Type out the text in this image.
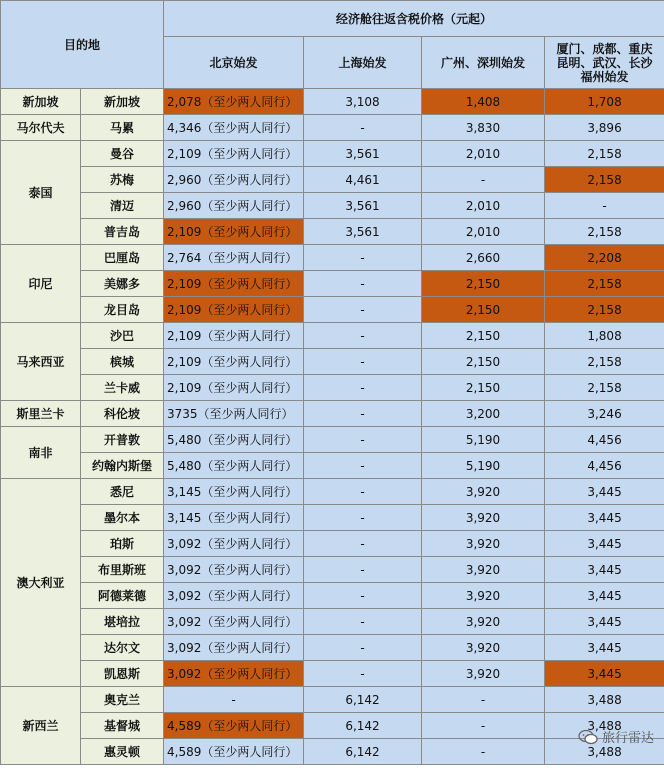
目的地		经济舱往返含税价格（元起）			
		北京始发	上海始发	广州、深圳始发	厦门、成都、重庆
昆明、武汉、长沙
福州始发
新加坡	新加坡	2,078（至少两人同行）	3,108	1,408	1,708
马尔代夫	马累	4,346（至少两人同行）	-	3,830	3,896
泰国	曼谷	2,109（至少两人同行）	3,561	2,010	2,158
	苏梅	2,960（至少两人同行）	4,461	-	2,158
	清迈	2,960（至少两人同行）	3,561	2,010	-
	普吉岛	2,109（至少两人同行）	3,561	2,010	2,158
印尼	巴厘岛	2,764（至少两人同行）	-	2,660	2,208
	美娜多	2,109（至少两人同行）	-	2,150	2,158
	龙目岛	2,109（至少两人同行）	-	2,150	2,158
马来西亚	沙巴	2,109（至少两人同行）	-	2,150	1,808
	槟城	2,109（至少两人同行）	-	2,150	2,158
	兰卡威	2,109（至少两人同行）	-	2,150	2,158
斯里兰卡	科伦坡	3735（至少两人同行）	-	3,200	3,246
南非	开普敦	5,480（至少两人同行）	-	5,190	4,456
	约翰内斯堡	5,480（至少两人同行）	-	5,190	4,456
澳大利亚	悉尼	3,145（至少两人同行）	-	3,920	3,445
	墨尔本	3,145（至少两人同行）	-	3,920	3,445
	珀斯	3,092（至少两人同行）	-	3,920	3,445
	布里斯班	3,092（至少两人同行）	-	3,920	3,445
	阿德莱德	3,092（至少两人同行）	-	3,920	3,445
	堪培拉	3,092（至少两人同行）	-	3,920	3,445
	达尔文	3,092（至少两人同行）	-	3,920	3,445
	凯恩斯	3,092（至少两人同行）	-	3,920	3,445
新西兰	奥克兰	-	6,142	-	3,488
	基督城	4,589（至少两人同行）	6,142	-	3,488
	惠灵顿	4,589（至少两人同行）	6,142	-	3,488
旅行雷达
